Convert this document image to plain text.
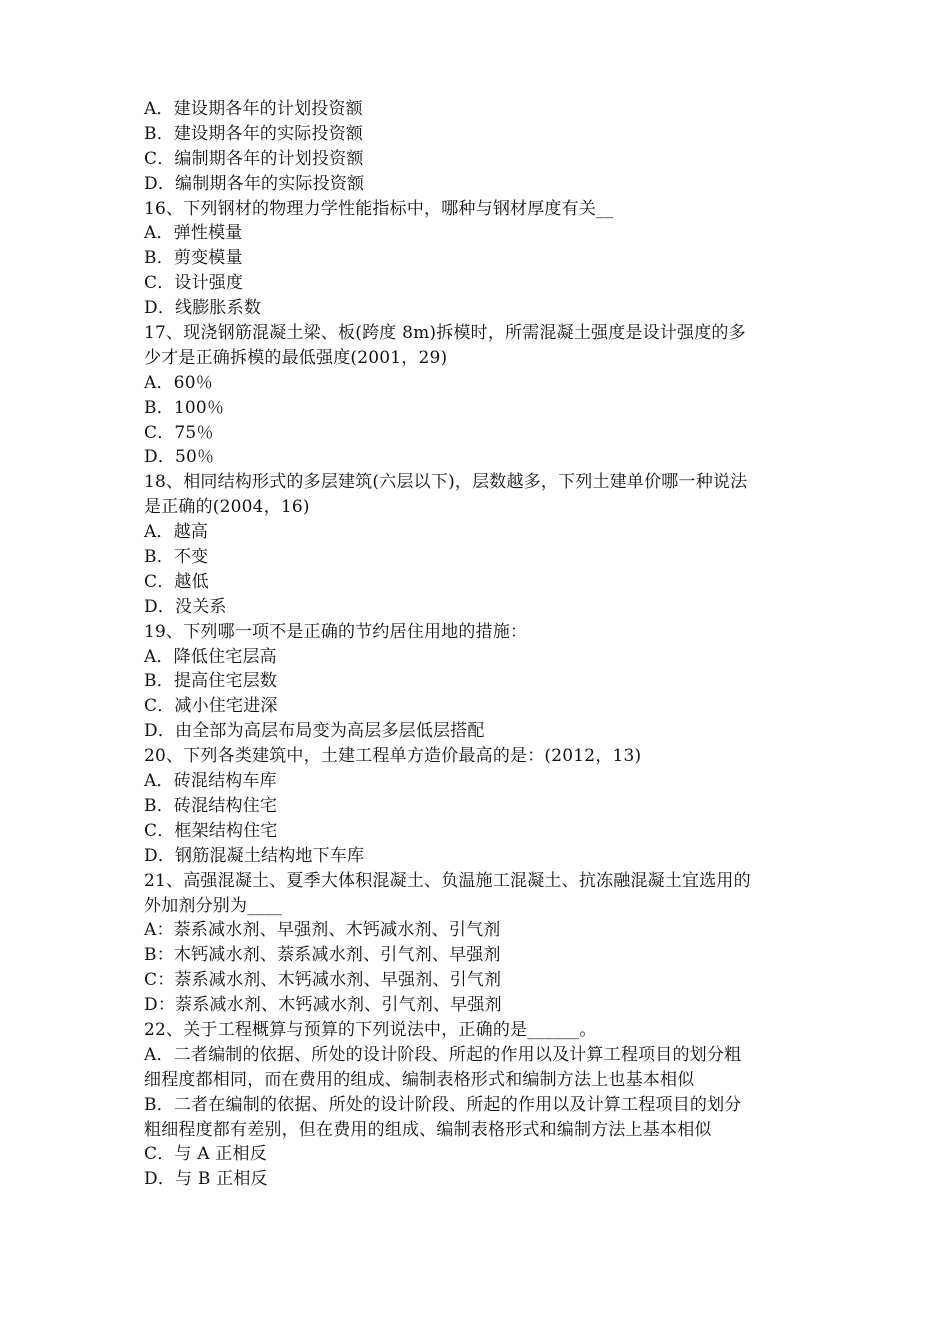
A．建设期各年的计划投资额
B．建设期各年的实际投资额
C．编制期各年的计划投资额
D．编制期各年的实际投资额
16、下列钢材的物理力学性能指标中，哪种与钢材厚度有关__
A．弹性模量
B．剪变模量
C．设计强度
D．线膨胀系数
17、现浇钢筋混凝土梁、板(跨度 8m)拆模时，所需混凝土强度是设计强度的多
少才是正确拆模的最低强度(2001，29)
A．60％
B．100％
C．75％
D．50％
18、相同结构形式的多层建筑(六层以下)，层数越多，下列土建单价哪一种说法
是正确的(2004，16)
A．越高
B．不变
C．越低
D．没关系
19、下列哪一项不是正确的节约居住用地的措施：
A．降低住宅层高
B．提高住宅层数
C．减小住宅进深
D．由全部为高层布局变为高层多层低层搭配
20、下列各类建筑中，土建工程单方造价最高的是：(2012，13)
A．砖混结构车库
B．砖混结构住宅
C．框架结构住宅
D．钢筋混凝土结构地下车库
21、高强混凝土、夏季大体积混凝土、负温施工混凝土、抗冻融混凝土宜选用的
外加剂分别为____
A：萘系减水剂、早强剂、木钙减水剂、引气剂
B：木钙减水剂、萘系减水剂、引气剂、早强剂
C：萘系减水剂、木钙减水剂、早强剂、引气剂
D：萘系减水剂、木钙减水剂、引气剂、早强剂
22、关于工程概算与预算的下列说法中，正确的是______。
A．二者编制的依据、所处的设计阶段、所起的作用以及计算工程项目的划分粗
细程度都相同，而在费用的组成、编制表格形式和编制方法上也基本相似
B．二者在编制的依据、所处的设计阶段、所起的作用以及计算工程项目的划分
粗细程度都有差别，但在费用的组成、编制表格形式和编制方法上基本相似
C．与 A 正相反
D．与 B 正相反
